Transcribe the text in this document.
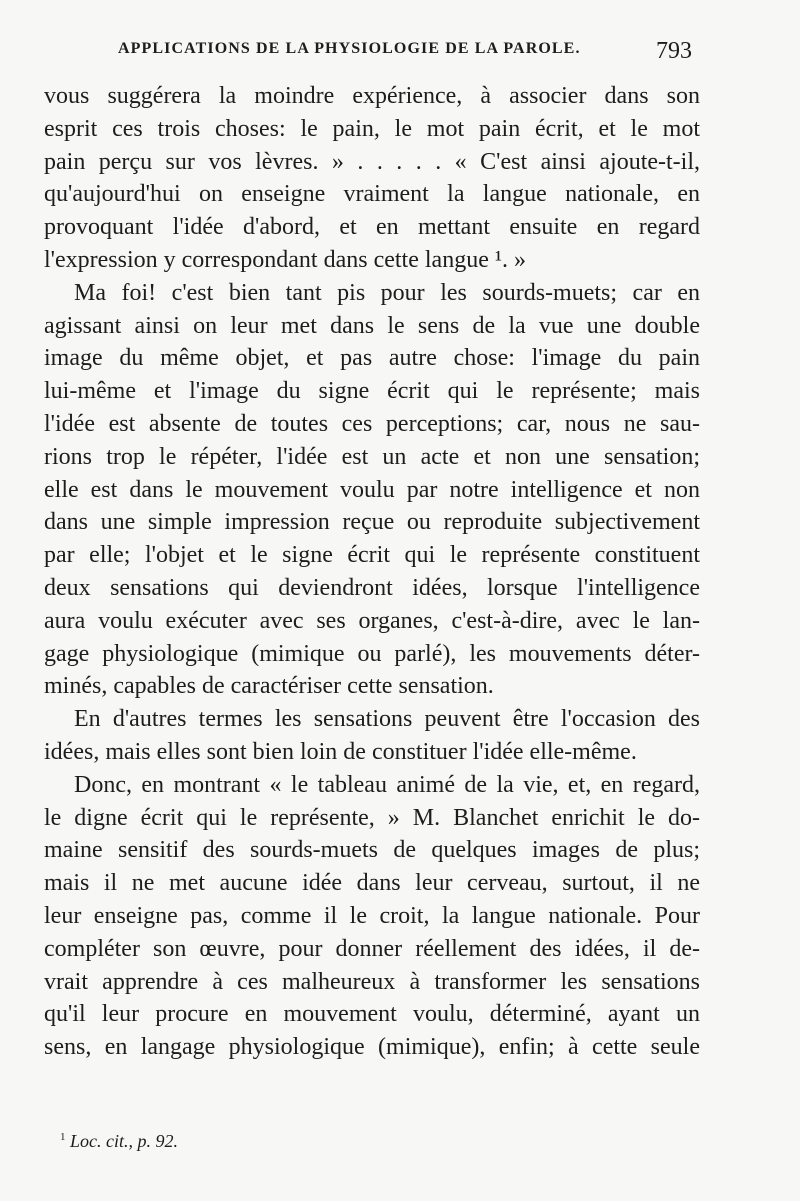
APPLICATIONS DE LA PHYSIOLOGIE DE LA PAROLE.	793
vous suggérera la moindre expérience, à associer dans son
esprit ces trois choses: le pain, le mot pain écrit, et le mot
pain perçu sur vos lèvres. » . . . . . « C'est ainsi ajoute-t-il,
qu'aujourd'hui on enseigne vraiment la langue nationale, en
provoquant l'idée d'abord, et en mettant ensuite en regard
l'expression y correspondant dans cette langue ¹. »
Ma foi! c'est bien tant pis pour les sourds-muets; car en
agissant ainsi on leur met dans le sens de la vue une double
image du même objet, et pas autre chose: l'image du pain
lui-même et l'image du signe écrit qui le représente; mais
l'idée est absente de toutes ces perceptions; car, nous ne sau-
rions trop le répéter, l'idée est un acte et non une sensation;
elle est dans le mouvement voulu par notre intelligence et non
dans une simple impression reçue ou reproduite subjectivement
par elle; l'objet et le signe écrit qui le représente constituent
deux sensations qui deviendront idées, lorsque l'intelligence
aura voulu exécuter avec ses organes, c'est-à-dire, avec le lan-
gage physiologique (mimique ou parlé), les mouvements déter-
minés, capables de caractériser cette sensation.
En d'autres termes les sensations peuvent être l'occasion des
idées, mais elles sont bien loin de constituer l'idée elle-même.
Donc, en montrant « le tableau animé de la vie, et, en regard,
le digne écrit qui le représente, » M. Blanchet enrichit le do-
maine sensitif des sourds-muets de quelques images de plus;
mais il ne met aucune idée dans leur cerveau, surtout, il ne
leur enseigne pas, comme il le croit, la langue nationale. Pour
compléter son œuvre, pour donner réellement des idées, il de-
vrait apprendre à ces malheureux à transformer les sensations
qu'il leur procure en mouvement voulu, déterminé, ayant un
sens, en langage physiologique (mimique), enfin; à cette seule
$^1$ Loc. cit., p. 92.
